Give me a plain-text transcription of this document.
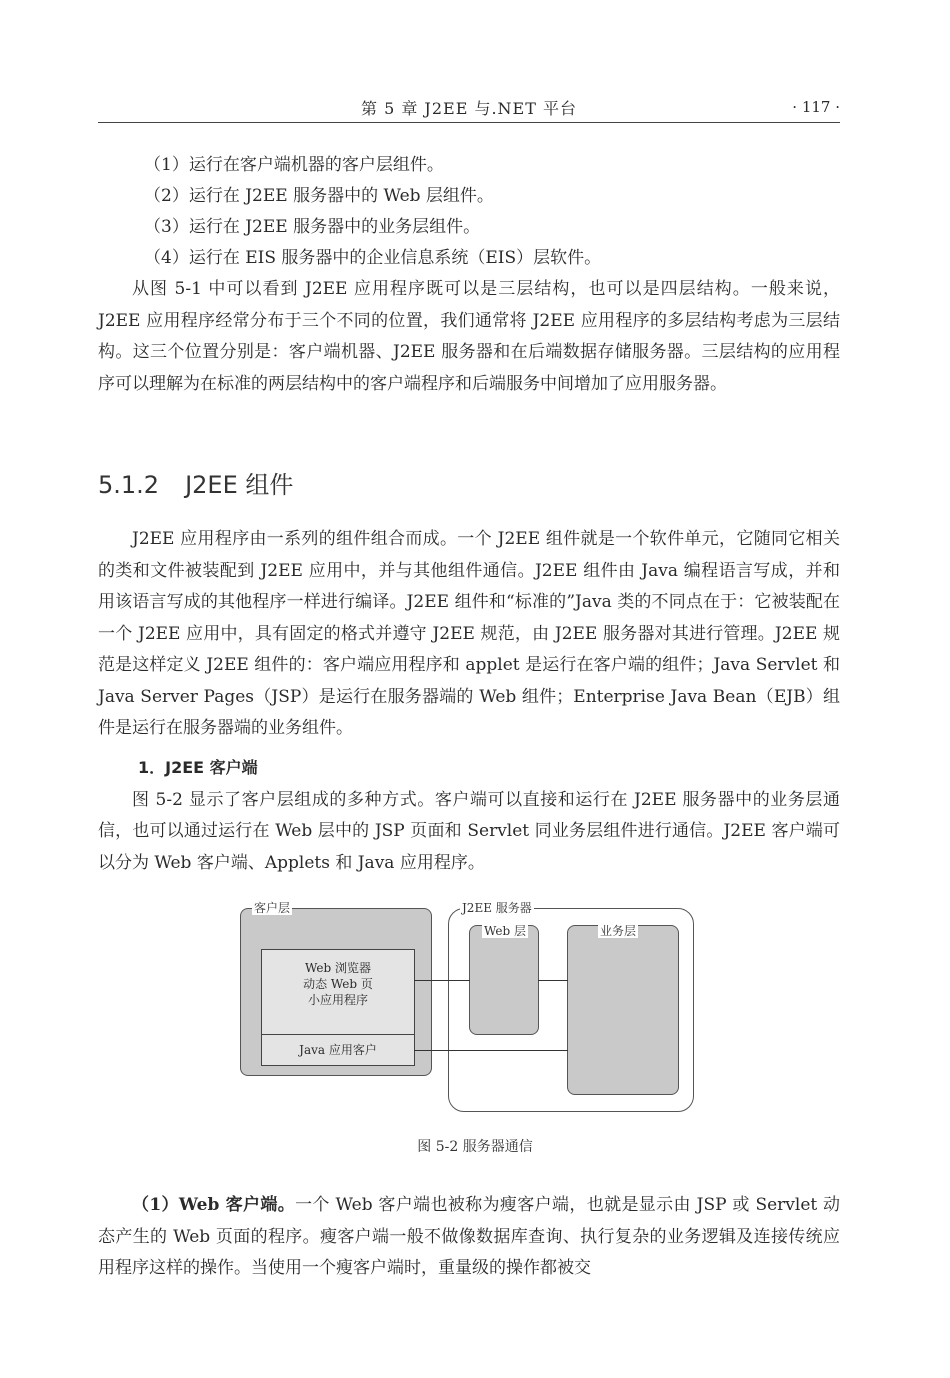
第 5 章 J2EE 与.NET 平台	· 117 ·
（1）运行在客户端机器的客户层组件。
（2）运行在 J2EE 服务器中的 Web 层组件。
（3）运行在 J2EE 服务器中的业务层组件。
（4）运行在 EIS 服务器中的企业信息系统（EIS）层软件。

从图 5-1 中可以看到 J2EE 应用程序既可以是三层结构，也可以是四层结构。一般来说，J2EE 应用程序经常分布于三个不同的位置，我们通常将 J2EE 应用程序的多层结构考虑为三层结构。这三个位置分别是：客户端机器、J2EE 服务器和在后端数据存储服务器。三层结构的应用程序可以理解为在标准的两层结构中的客户端程序和后端服务中间增加了应用服务器。

5.1.2 J2EE 组件

J2EE 应用程序由一系列的组件组合而成。一个 J2EE 组件就是一个软件单元，它随同它相关的类和文件被装配到 J2EE 应用中，并与其他组件通信。J2EE 组件由 Java 编程语言写成，并和用该语言写成的其他程序一样进行编译。J2EE 组件和“标准的”Java 类的不同点在于：它被装配在一个 J2EE 应用中，具有固定的格式并遵守 J2EE 规范，由 J2EE 服务器对其进行管理。J2EE 规范是这样定义 J2EE 组件的：客户端应用程序和 applet 是运行在客户端的组件；Java Servlet 和 Java Server Pages（JSP）是运行在服务器端的 Web 组件；Enterprise Java Bean（EJB）组件是运行在服务器端的业务组件。

1．J2EE 客户端

图 5-2 显示了客户层组成的多种方式。客户端可以直接和运行在 J2EE 服务器中的业务层通信，也可以通过运行在 Web 层中的 JSP 页面和 Servlet 同业务层组件进行通信。J2EE 客户端可以分为 Web 客户端、Applets 和 Java 应用程序。

Web 浏览器
动态 Web 页
小应用程序
Java 应用客户
客户层	J2EE 服务器
Web 层	业务层
图 5-2 服务器通信

（1）Web 客户端。一个 Web 客户端也被称为瘦客户端，也就是显示由 JSP 或 Servlet 动态产生的 Web 页面的程序。瘦客户端一般不做像数据库查询、执行复杂的业务逻辑及连接传统应用程序这样的操作。当使用一个瘦客户端时，重量级的操作都被交
